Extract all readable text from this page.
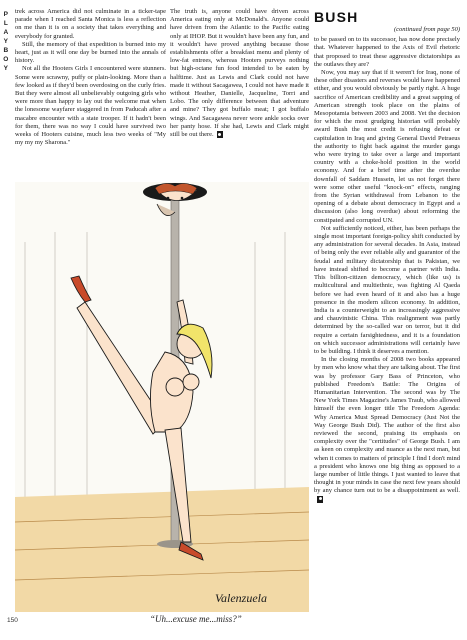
P
L
A
Y
B
O
Y

trek across America did not culminate in a ticker-tape parade when I reached Santa Monica is less a reflection on me than it is on a society that takes everything and everybody for granted.

Still, the memory of that expedition is burned into my heart, just as it will one day be burned into the annals of history.

Not all the Hooters Girls I encountered were stunners. Some were scrawny, puffy or plain-looking. More than a few looked as if they'd been overdosing on the curly fries. But they were almost all unbelievably outgoing girls who were more than happy to lay out the welcome mat when the lonesome wayfarer staggered in from Paducah after a macabre encounter with a state trooper. If it hadn't been for them, there was no way I could have survived two weeks of Hooters cuisine, much less two weeks of "My my my my Sharona."

The truth is, anyone could have driven across America eating only at McDonald's. Anyone could have driven from the Atlantic to the Pacific eating only at IHOP. But it wouldn't have been any fun, and it wouldn't have proved anything because those establishments offer a breakfast menu and plenty of low-fat entrees, whereas Hooters purveys nothing but high-octane fun food intended to be eaten by halftime. Just as Lewis and Clark could not have made it without Sacagawea, I could not have made it without Heather, Danielle, Jacqueline, Torri and Lobo. The only difference between that adventure and mine? They got buffalo meat; I got buffalo wings. And Sacagawea never wore ankle socks over her panty hose. If she had, Lewis and Clark might still be out there.

BUSH
(continued from page 50)

to be passed on to its successor, has now done precisely that. Whatever happened to the Axis of Evil rhetoric that proposed to treat these aggressive dictatorships as the outlaws they are?

Now, you may say that if it weren't for Iraq, none of these other disasters and reverses would have happened either, and you would obviously be partly right. A huge sacrifice of American credibility and a great sapping of American strength took place on the plains of Mesopotamia between 2003 and 2008. Yet the decision for which the most grudging historian will probably award Bush the most credit is refusing defeat or capitulation in Iraq and giving General David Petraeus the authority to fight back against the murder gangs who were trying to take over a large and important country with a choke-hold position in the world economy. And for a brief time after the overdue downfall of Saddam Hussein, let us not forget there were some other useful "knock-on" effects, ranging from the Syrian withdrawal from Lebanon to the opening of a debate about democracy in Egypt and a discussion (also long overdue) about reforming the constipated and corrupted UN.

Not sufficiently noticed, either, has been perhaps the single most important foreign-policy shift conducted by any administration for several decades. In Asia, instead of being only the ever reliable ally and guarantor of the feudal and military dictatorship that is Pakistan, we have instead shifted to become a partner with India. This billion-citizen democracy, which (like us) is multicultural and multiethnic, was fighting Al Qaeda before we had even heard of it and also has a huge presence in the modern silicon economy. In addition, India is a counterweight to an increasingly aggressive and chauvinistic China. This realignment was partly determined by the so-called war on terror, but it did require a certain farsightedness, and it is a foundation on which successor administrations will certainly have to be building. I think it deserves a mention.

In the closing months of 2008 two books appeared by men who know what they are talking about. The first was by professor Gary Bass of Princeton, who published Freedom's Battle: The Origins of Humanitarian Intervention. The second was by The New York Times Magazine's James Traub, who allowed himself the even longer title The Freedom Agenda: Why America Must Spread Democracy (Just Not the Way George Bush Did). The author of the first also reviewed the second, praising its emphasis on complexity over the "certitudes" of George Bush. I am as keen on complexity and nuance as the next man, but when it comes to matters of principle I find I don't mind a president who knows one big thing as opposed to a large number of little things. I just wanted to leave that thought in your minds in case the next few years should by any chance turn out to be a disappointment as well.

Valenzuela
“Uh...excuse me...miss?”
150
